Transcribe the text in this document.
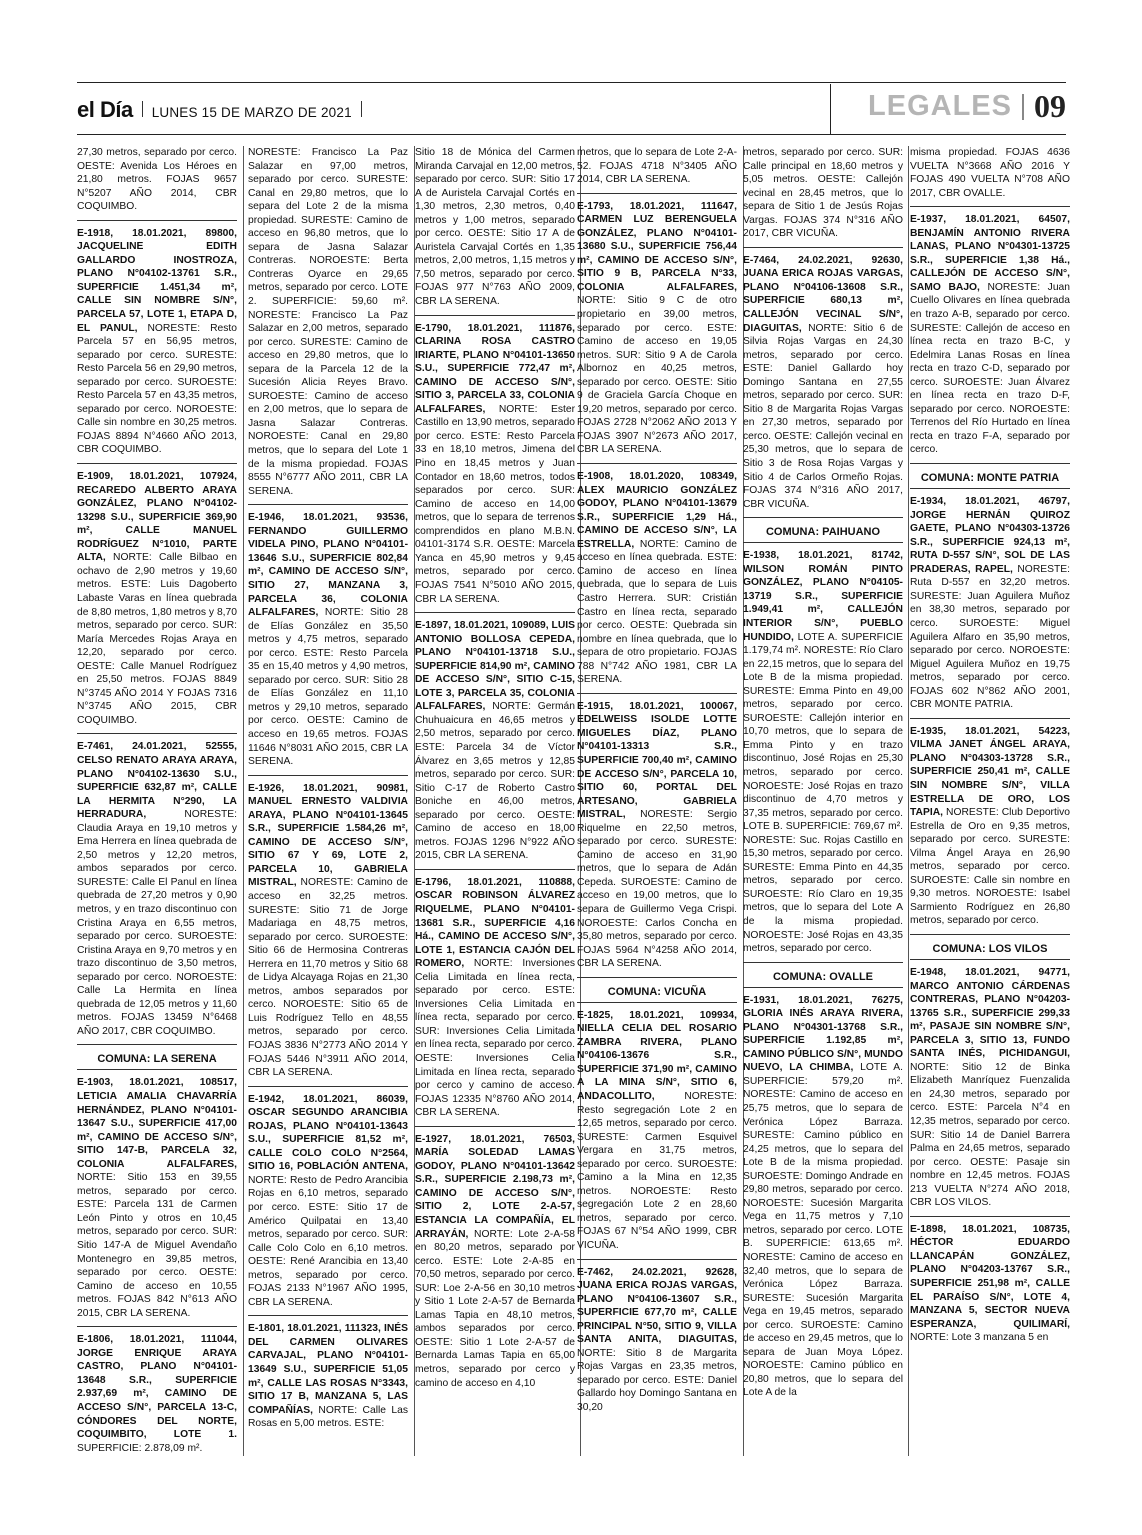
el Día LUNES 15 DE MARZO DE 2021	LEGALES 09

27,30 metros, separado por cerco. OESTE: Avenida Los Héroes en 21,80 metros. FOJAS 9657 N°5207 AÑO 2014, CBR COQUIMBO.

E-1918, 18.01.2021, 89800, JACQUELINE EDITH GALLARDO INOSTROZA, PLANO N°04102-13761 S.R., SUPERFICIE 1.451,34 m², CALLE SIN NOMBRE S/N°, PARCELA 57, LOTE 1, ETAPA D, EL PANUL, NORESTE: Resto Parcela 57 en 56,95 metros, separado por cerco. SURESTE: Resto Parcela 56 en 29,90 metros, separado por cerco. SUROESTE: Resto Parcela 57 en 43,35 metros, separado por cerco. NOROESTE: Calle sin nombre en 30,25 metros. FOJAS 8894 N°4660 AÑO 2013, CBR COQUIMBO.

E-1909, 18.01.2021, 107924, RECAREDO ALBERTO ARAYA GONZÁLEZ, PLANO N°04102-13298 S.U., SUPERFICIE 369,90 m², CALLE MANUEL RODRÍGUEZ N°1010, PARTE ALTA, NORTE: Calle Bilbao en ochavo de 2,90 metros y 19,60 metros. ESTE: Luis Dagoberto Labaste Varas en línea quebrada de 8,80 metros, 1,80 metros y 8,70 metros, separado por cerco. SUR: María Mercedes Rojas Araya en 12,20, separado por cerco. OESTE: Calle Manuel Rodríguez en 25,50 metros. FOJAS 8849 N°3745 AÑO 2014 Y FOJAS 7316 N°3745 AÑO 2015, CBR COQUIMBO.

E-7461, 24.01.2021, 52555, CELSO RENATO ARAYA ARAYA, PLANO N°04102-13630 S.U., SUPERFICIE 632,87 m², CALLE LA HERMITA N°290, LA HERRADURA, NORESTE: Claudia Araya en 19,10 metros y Ema Herrera en línea quebrada de 2,50 metros y 12,20 metros, ambos separados por cerco. SURESTE: Calle El Panul en línea quebrada de 27,20 metros y 0,90 metros, y en trazo discontinuo con Cristina Araya en 6,55 metros, separado por cerco. SUROESTE: Cristina Araya en 9,70 metros y en trazo discontinuo de 3,50 metros, separado por cerco. NOROESTE: Calle La Hermita en línea quebrada de 12,05 metros y 11,60 metros. FOJAS 13459 N°6468 AÑO 2017, CBR COQUIMBO.

COMUNA: LA SERENA

E-1903, 18.01.2021, 108517, LETICIA AMALIA CHAVARRÍA HERNÁNDEZ, PLANO N°04101-13647 S.U., SUPERFICIE 417,00 m², CAMINO DE ACCESO S/N°, SITIO 147-B, PARCELA 32, COLONIA ALFALFARES, NORTE: Sitio 153 en 39,55 metros, separado por cerco. ESTE: Parcela 131 de Carmen León Pinto y otros en 10,45 metros, separado por cerco. SUR: Sitio 147-A de Miguel Avendaño Montenegro en 39,85 metros, separado por cerco. OESTE: Camino de acceso en 10,55 metros. FOJAS 842 N°613 AÑO 2015, CBR LA SERENA.

E-1806, 18.01.2021, 111044, JORGE ENRIQUE ARAYA CASTRO, PLANO N°04101-13648 S.R., SUPERFICIE 2.937,69 m², CAMINO DE ACCESO S/N°, PARCELA 13-C, CÓNDORES DEL NORTE, COQUIMBITO, LOTE 1. SUPERFICIE: 2.878,09 m².

NORESTE: Francisco La Paz Salazar en 97,00 metros, separado por cerco. SURESTE: Canal en 29,80 metros, que lo separa del Lote 2 de la misma propiedad. SURESTE: Camino de acceso en 96,80 metros, que lo separa de Jasna Salazar Contreras. NOROESTE: Berta Contreras Oyarce en 29,65 metros, separado por cerco. LOTE 2. SUPERFICIE: 59,60 m². NORESTE: Francisco La Paz Salazar en 2,00 metros, separado por cerco. SURESTE: Camino de acceso en 29,80 metros, que lo separa de la Parcela 12 de la Sucesión Alicia Reyes Bravo. SUROESTE: Camino de acceso en 2,00 metros, que lo separa de Jasna Salazar Contreras. NOROESTE: Canal en 29,80 metros, que lo separa del Lote 1 de la misma propiedad. FOJAS 8555 N°6777 AÑO 2011, CBR LA SERENA.

E-1946, 18.01.2021, 93536, FERNANDO GUILLERMO VIDELA PINO, PLANO N°04101-13646 S.U., SUPERFICIE 802,84 m², CAMINO DE ACCESO S/N°, SITIO 27, MANZANA 3, PARCELA 36, COLONIA ALFALFARES, NORTE: Sitio 28 de Elías González en 35,50 metros y 4,75 metros, separado por cerco. ESTE: Resto Parcela 35 en 15,40 metros y 4,90 metros, separado por cerco. SUR: Sitio 28 de Elías González en 11,10 metros y 29,10 metros, separado por cerco. OESTE: Camino de acceso en 19,65 metros. FOJAS 11646 N°8031 AÑO 2015, CBR LA SERENA.

E-1926, 18.01.2021, 90981, MANUEL ERNESTO VALDIVIA ARAYA, PLANO N°04101-13645 S.R., SUPERFICIE 1.584,26 m², CAMINO DE ACCESO S/N°, SITIO 67 Y 69, LOTE 2, PARCELA 10, GABRIELA MISTRAL, NORESTE: Camino de acceso en 32,25 metros. SURESTE: Sitio 71 de Jorge Madariaga en 48,75 metros, separado por cerco. SUROESTE: Sitio 66 de Hermosina Contreras Herrera en 11,70 metros y Sitio 68 de Lidya Alcayaga Rojas en 21,30 metros, ambos separados por cerco. NOROESTE: Sitio 65 de Luis Rodríguez Tello en 48,55 metros, separado por cerco. FOJAS 3836 N°2773 AÑO 2014 Y FOJAS 5446 N°3911 AÑO 2014, CBR LA SERENA.

E-1942, 18.01.2021, 86039, OSCAR SEGUNDO ARANCIBIA ROJAS, PLANO N°04101-13643 S.U., SUPERFICIE 81,52 m², CALLE COLO COLO N°2564, SITIO 16, POBLACIÓN ANTENA, NORTE: Resto de Pedro Arancibia Rojas en 6,10 metros, separado por cerco. ESTE: Sitio 17 de Américo Quilpatai en 13,40 metros, separado por cerco. SUR: Calle Colo Colo en 6,10 metros. OESTE: René Arancibia en 13,40 metros, separado por cerco. FOJAS 2133 N°1967 AÑO 1995, CBR LA SERENA.

E-1801, 18.01.2021, 111323, INÉS DEL CARMEN OLIVARES CARVAJAL, PLANO N°04101-13649 S.U., SUPERFICIE 51,05 m², CALLE LAS ROSAS N°3343, SITIO 17 B, MANZANA 5, LAS COMPAÑÍAS, NORTE: Calle Las Rosas en 5,00 metros. ESTE:

Sitio 18 de Mónica del Carmen Miranda Carvajal en 12,00 metros, separado por cerco. SUR: Sitio 17 A de Auristela Carvajal Cortés en 1,30 metros, 2,30 metros, 0,40 metros y 1,00 metros, separado por cerco. OESTE: Sitio 17 A de Auristela Carvajal Cortés en 1,35 metros, 2,00 metros, 1,15 metros y 7,50 metros, separado por cerco. FOJAS 977 N°763 AÑO 2009, CBR LA SERENA.

E-1790, 18.01.2021, 111876, CLARINA ROSA CASTRO IRIARTE, PLANO N°04101-13650 S.U., SUPERFICIE 772,47 m², CAMINO DE ACCESO S/N°, SITIO 3, PARCELA 33, COLONIA ALFALFARES, NORTE: Ester Castillo en 13,90 metros, separado por cerco. ESTE: Resto Parcela 33 en 18,10 metros, Jimena del Pino en 18,45 metros y Juan Contador en 18,60 metros, todos separados por cerco. SUR: Camino de acceso en 14,00 metros, que lo separa de terrenos comprendidos en plano M.B.N. 04101-3174 S.R. OESTE: Marcela Yanca en 45,90 metros y 9,45 metros, separado por cerco. FOJAS 7541 N°5010 AÑO 2015, CBR LA SERENA.

E-1897, 18.01.2021, 109089, LUIS ANTONIO BOLLOSA CEPEDA, PLANO N°04101-13718 S.U., SUPERFICIE 814,90 m², CAMINO DE ACCESO S/N°, SITIO C-15, LOTE 3, PARCELA 35, COLONIA ALFALFARES, NORTE: Germán Chuhuaicura en 46,65 metros y 2,50 metros, separado por cerco. ESTE: Parcela 34 de Víctor Álvarez en 3,65 metros y 12,85 metros, separado por cerco. SUR: Sitio C-17 de Roberto Castro Boniche en 46,00 metros, separado por cerco. OESTE: Camino de acceso en 18,00 metros. FOJAS 1296 N°922 AÑO 2015, CBR LA SERENA.

E-1796, 18.01.2021, 110888, OSCAR ROBINSON ÁLVAREZ RIQUELME, PLANO N°04101-13681 S.R., SUPERFICIE 4,16 Há., CAMINO DE ACCESO S/N°, LOTE 1, ESTANCIA CAJÓN DEL ROMERO, NORTE: Inversiones Celia Limitada en línea recta, separado por cerco. ESTE: Inversiones Celia Limitada en línea recta, separado por cerco. SUR: Inversiones Celia Limitada en línea recta, separado por cerco. OESTE: Inversiones Celia Limitada en línea recta, separado por cerco y camino de acceso. FOJAS 12335 N°8760 AÑO 2014, CBR LA SERENA.

E-1927, 18.01.2021, 76503, MARÍA SOLEDAD LAMAS GODOY, PLANO N°04101-13642 S.R., SUPERFICIE 2.198,73 m², CAMINO DE ACCESO S/N°, SITIO 2, LOTE 2-A-57, ESTANCIA LA COMPAÑÍA, EL ARRAYÁN, NORTE: Lote 2-A-58 en 80,20 metros, separado por cerco. ESTE: Lote 2-A-85 en 70,50 metros, separado por cerco. SUR: Loe 2-A-56 en 30,10 metros y Sitio 1 Lote 2-A-57 de Bernarda Lamas Tapia en 48,10 metros, ambos separados por cerco. OESTE: Sitio 1 Lote 2-A-57 de Bernarda Lamas Tapia en 65,00 metros, separado por cerco y camino de acceso en 4,10

metros, que lo separa de Lote 2-A-52. FOJAS 4718 N°3405 AÑO 2014, CBR LA SERENA.

E-1793, 18.01.2021, 111647, CARMEN LUZ BERENGUELA GONZÁLEZ, PLANO N°04101-13680 S.U., SUPERFICIE 756,44 m², CAMINO DE ACCESO S/N°, SITIO 9 B, PARCELA N°33, COLONIA ALFALFARES, NORTE: Sitio 9 C de otro propietario en 39,00 metros, separado por cerco. ESTE: Camino de acceso en 19,05 metros. SUR: Sitio 9 A de Carola Albornoz en 40,25 metros, separado por cerco. OESTE: Sitio 9 de Graciela García Choque en 19,20 metros, separado por cerco. FOJAS 2728 N°2062 AÑO 2013 Y FOJAS 3907 N°2673 AÑO 2017, CBR LA SERENA.

E-1908, 18.01.2020, 108349, ALEX MAURICIO GONZÁLEZ GODOY, PLANO N°04101-13679 S.R., SUPERFICIE 1,29 Há., CAMINO DE ACCESO S/N°, LA ESTRELLA, NORTE: Camino de acceso en línea quebrada. ESTE: Camino de acceso en línea quebrada, que lo separa de Luis Castro Herrera. SUR: Cristián Castro en línea recta, separado por cerco. OESTE: Quebrada sin nombre en línea quebrada, que lo separa de otro propietario. FOJAS 788 N°742 AÑO 1981, CBR LA SERENA.

E-1915, 18.01.2021, 100067, EDELWEISS ISOLDE LOTTE MIGUELES DÍAZ, PLANO N°04101-13313 S.R., SUPERFICIE 700,40 m², CAMINO DE ACCESO S/N°, PARCELA 10, SITIO 60, PORTAL DEL ARTESANO, GABRIELA MISTRAL, NORESTE: Sergio Riquelme en 22,50 metros, separado por cerco. SURESTE: Camino de acceso en 31,90 metros, que lo separa de Adán Cepeda. SUROESTE: Camino de acceso en 19,00 metros, que lo separa de Guillermo Vega Crispi. NOROESTE: Carlos Concha en 35,80 metros, separado por cerco. FOJAS 5964 N°4258 AÑO 2014, CBR LA SERENA.

COMUNA: VICUÑA

E-1825, 18.01.2021, 109934, NIELLA CELIA DEL ROSARIO ZAMBRA RIVERA, PLANO N°04106-13676 S.R., SUPERFICIE 371,90 m², CAMINO A LA MINA S/N°, SITIO 6, ANDACOLLITO, NORESTE: Resto segregación Lote 2 en 12,65 metros, separado por cerco. SURESTE: Carmen Esquivel Vergara en 31,75 metros, separado por cerco. SUROESTE: Camino a la Mina en 12,35 metros. NOROESTE: Resto segregación Lote 2 en 28,60 metros, separado por cerco. FOJAS 67 N°54 AÑO 1999, CBR VICUÑA.

E-7462, 24.02.2021, 92628, JUANA ERICA ROJAS VARGAS, PLANO N°04106-13607 S.R., SUPERFICIE 677,70 m², CALLE PRINCIPAL N°50, SITIO 9, VILLA SANTA ANITA, DIAGUITAS, NORTE: Sitio 8 de Margarita Rojas Vargas en 23,35 metros, separado por cerco. ESTE: Daniel Gallardo hoy Domingo Santana en 30,20

metros, separado por cerco. SUR: Calle principal en 18,60 metros y 5,05 metros. OESTE: Callejón vecinal en 28,45 metros, que lo separa de Sitio 1 de Jesús Rojas Vargas. FOJAS 374 N°316 AÑO 2017, CBR VICUÑA.

E-7464, 24.02.2021, 92630, JUANA ERICA ROJAS VARGAS, PLANO N°04106-13608 S.R., SUPERFICIE 680,13 m², CALLEJÓN VECINAL S/N°, DIAGUITAS, NORTE: Sitio 6 de Silvia Rojas Vargas en 24,30 metros, separado por cerco. ESTE: Daniel Gallardo hoy Domingo Santana en 27,55 metros, separado por cerco. SUR: Sitio 8 de Margarita Rojas Vargas en 27,30 metros, separado por cerco. OESTE: Callejón vecinal en 25,30 metros, que lo separa de Sitio 3 de Rosa Rojas Vargas y Sitio 4 de Carlos Ormeño Rojas. FOJAS 374 N°316 AÑO 2017, CBR VICUÑA.

COMUNA: PAIHUANO

E-1938, 18.01.2021, 81742, WILSON ROMÁN PINTO GONZÁLEZ, PLANO N°04105-13719 S.R., SUPERFICIE 1.949,41 m², CALLEJÓN INTERIOR S/N°, PUEBLO HUNDIDO, LOTE A. SUPERFICIE 1.179,74 m². NORESTE: Río Claro en 22,15 metros, que lo separa del Lote B de la misma propiedad. SURESTE: Emma Pinto en 49,00 metros, separado por cerco. SUROESTE: Callejón interior en 10,70 metros, que lo separa de Emma Pinto y en trazo discontinuo, José Rojas en 25,30 metros, separado por cerco. NOROESTE: José Rojas en trazo discontinuo de 4,70 metros y 37,35 metros, separado por cerco. LOTE B. SUPERFICIE: 769,67 m². NORESTE: Suc. Rojas Castillo en 15,30 metros, separado por cerco. SURESTE: Emma Pinto en 44,35 metros, separado por cerco. SUROESTE: Río Claro en 19,35 metros, que lo separa del Lote A de la misma propiedad. NOROESTE: José Rojas en 43,35 metros, separado por cerco.

COMUNA: OVALLE

E-1931, 18.01.2021, 76275, GLORIA INÉS ARAYA RIVERA, PLANO N°04301-13768 S.R., SUPERFICIE 1.192,85 m², CAMINO PÚBLICO S/N°, MUNDO NUEVO, LA CHIMBA, LOTE A. SUPERFICIE: 579,20 m². NORESTE: Camino de acceso en 25,75 metros, que lo separa de Verónica López Barraza. SURESTE: Camino público en 24,25 metros, que lo separa del Lote B de la misma propiedad. SUROESTE: Domingo Andrade en 29,80 metros, separado por cerco. NOROESTE: Sucesión Margarita Vega en 11,75 metros y 7,10 metros, separado por cerco. LOTE B. SUPERFICIE: 613,65 m². NORESTE: Camino de acceso en 32,40 metros, que lo separa de Verónica López Barraza. SURESTE: Sucesión Margarita Vega en 19,45 metros, separado por cerco. SUROESTE: Camino de acceso en 29,45 metros, que lo separa de Juan Moya López. NOROESTE: Camino público en 20,80 metros, que lo separa del Lote A de la

misma propiedad. FOJAS 4636 VUELTA N°3668 AÑO 2016 Y FOJAS 490 VUELTA N°708 AÑO 2017, CBR OVALLE.

E-1937, 18.01.2021, 64507, BENJAMÍN ANTONIO RIVERA LANAS, PLANO N°04301-13725 S.R., SUPERFICIE 1,38 Há., CALLEJÓN DE ACCESO S/N°, SAMO BAJO, NORESTE: Juan Cuello Olivares en línea quebrada en trazo A-B, separado por cerco. SURESTE: Callejón de acceso en línea recta en trazo B-C, y Edelmira Lanas Rosas en línea recta en trazo C-D, separado por cerco. SUROESTE: Juan Álvarez en línea recta en trazo D-F, separado por cerco. NOROESTE: Terrenos del Río Hurtado en línea recta en trazo F-A, separado por cerco.

COMUNA: MONTE PATRIA

E-1934, 18.01.2021, 46797, JORGE HERNÁN QUIROZ GAETE, PLANO N°04303-13726 S.R., SUPERFICIE 924,13 m², RUTA D-557 S/N°, SOL DE LAS PRADERAS, RAPEL, NORESTE: Ruta D-557 en 32,20 metros. SURESTE: Juan Aguilera Muñoz en 38,30 metros, separado por cerco. SUROESTE: Miguel Aguilera Alfaro en 35,90 metros, separado por cerco. NOROESTE: Miguel Aguilera Muñoz en 19,75 metros, separado por cerco. FOJAS 602 N°862 AÑO 2001, CBR MONTE PATRIA.

E-1935, 18.01.2021, 54223, VILMA JANET ÁNGEL ARAYA, PLANO N°04303-13728 S.R., SUPERFICIE 250,41 m², CALLE SIN NOMBRE S/N°, VILLA ESTRELLA DE ORO, LOS TAPIA, NORESTE: Club Deportivo Estrella de Oro en 9,35 metros, separado por cerco. SURESTE: Vilma Ángel Araya en 26,90 metros, separado por cerco. SUROESTE: Calle sin nombre en 9,30 metros. NOROESTE: Isabel Sarmiento Rodríguez en 26,80 metros, separado por cerco.

COMUNA: LOS VILOS

E-1948, 18.01.2021, 94771, MARCO ANTONIO CÁRDENAS CONTRERAS, PLANO N°04203-13765 S.R., SUPERFICIE 299,33 m², PASAJE SIN NOMBRE S/N°, PARCELA 3, SITIO 13, FUNDO SANTA INÉS, PICHIDANGUI, NORTE: Sitio 12 de Binka Elizabeth Manríquez Fuenzalida en 24,30 metros, separado por cerco. ESTE: Parcela N°4 en 12,35 metros, separado por cerco. SUR: Sitio 14 de Daniel Barrera Palma en 24,65 metros, separado por cerco. OESTE: Pasaje sin nombre en 12,45 metros. FOJAS 213 VUELTA N°274 AÑO 2018, CBR LOS VILOS.

E-1898, 18.01.2021, 108735, HÉCTOR EDUARDO LLANCAPÁN GONZÁLEZ, PLANO N°04203-13767 S.R., SUPERFICIE 251,98 m², CALLE EL PARAÍSO S/N°, LOTE 4, MANZANA 5, SECTOR NUEVA ESPERANZA, QUILIMARÍ, NORTE: Lote 3 manzana 5 en
